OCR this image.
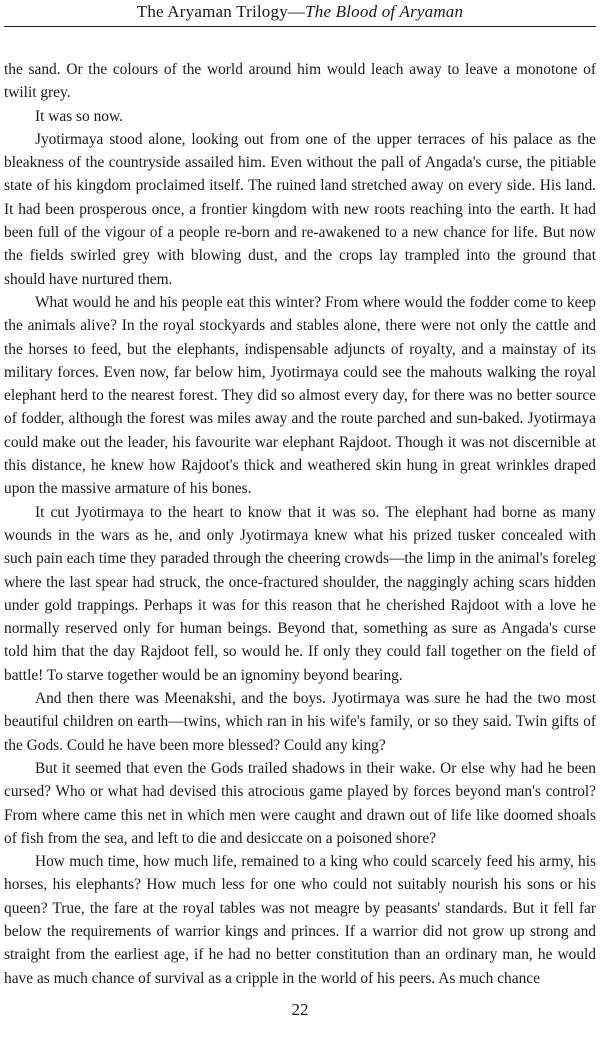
The Aryaman Trilogy—The Blood of Aryaman

the sand. Or the colours of the world around him would leach away to leave a monotone of twilit grey.

It was so now.

Jyotirmaya stood alone, looking out from one of the upper terraces of his palace as the bleakness of the countryside assailed him. Even without the pall of Angada's curse, the pitiable state of his kingdom proclaimed itself. The ruined land stretched away on every side. His land. It had been prosperous once, a frontier kingdom with new roots reaching into the earth. It had been full of the vigour of a people re-born and re-awakened to a new chance for life. But now the fields swirled grey with blowing dust, and the crops lay trampled into the ground that should have nurtured them.

What would he and his people eat this winter? From where would the fodder come to keep the animals alive? In the royal stockyards and stables alone, there were not only the cattle and the horses to feed, but the elephants, indispensable adjuncts of royalty, and a mainstay of its military forces. Even now, far below him, Jyotirmaya could see the mahouts walking the royal elephant herd to the nearest forest. They did so almost every day, for there was no better source of fodder, although the forest was miles away and the route parched and sun-baked. Jyotirmaya could make out the leader, his favourite war elephant Rajdoot. Though it was not discernible at this distance, he knew how Rajdoot's thick and weathered skin hung in great wrinkles draped upon the massive armature of his bones.

It cut Jyotirmaya to the heart to know that it was so. The elephant had borne as many wounds in the wars as he, and only Jyotirmaya knew what his prized tusker concealed with such pain each time they paraded through the cheering crowds—the limp in the animal's foreleg where the last spear had struck, the once-fractured shoulder, the naggingly aching scars hidden under gold trappings. Perhaps it was for this reason that he cherished Rajdoot with a love he normally reserved only for human beings. Beyond that, something as sure as Angada's curse told him that the day Rajdoot fell, so would he. If only they could fall together on the field of battle! To starve together would be an ignominy beyond bearing.

And then there was Meenakshi, and the boys. Jyotirmaya was sure he had the two most beautiful children on earth—twins, which ran in his wife's family, or so they said. Twin gifts of the Gods. Could he have been more blessed? Could any king?

But it seemed that even the Gods trailed shadows in their wake. Or else why had he been cursed? Who or what had devised this atrocious game played by forces beyond man's control? From where came this net in which men were caught and drawn out of life like doomed shoals of fish from the sea, and left to die and desiccate on a poisoned shore?

How much time, how much life, remained to a king who could scarcely feed his army, his horses, his elephants? How much less for one who could not suitably nourish his sons or his queen? True, the fare at the royal tables was not meagre by peasants' standards. But it fell far below the requirements of warrior kings and princes. If a warrior did not grow up strong and straight from the earliest age, if he had no better constitution than an ordinary man, he would have as much chance of survival as a cripple in the world of his peers. As much chance

22
